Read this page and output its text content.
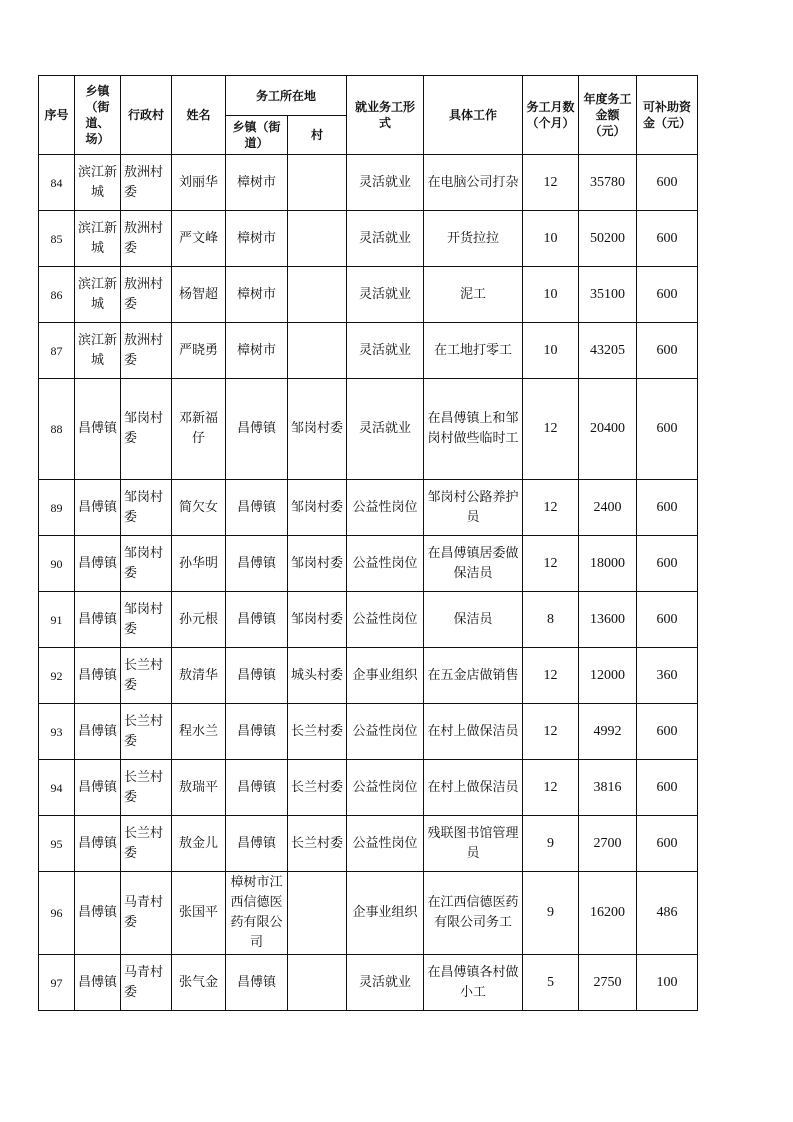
序号	乡镇（街道、场）	行政村	姓名	务工所在地		就业务工形式	具体工作	务工月数（个月）	年度务工金额（元）	可补助资金（元）
				乡镇（街道）	村					
84	滨江新城	敖洲村委	刘丽华	樟树市		灵活就业	在电脑公司打杂	12	35780	600
85	滨江新城	敖洲村委	严文峰	樟树市		灵活就业	开货拉拉	10	50200	600
86	滨江新城	敖洲村委	杨智超	樟树市		灵活就业	泥工	10	35100	600
87	滨江新城	敖洲村委	严晓勇	樟树市		灵活就业	在工地打零工	10	43205	600
88	昌傅镇	邹岗村委	邓新福仔	昌傅镇	邹岗村委	灵活就业	在昌傅镇上和邹岗村做些临时工	12	20400	600
89	昌傅镇	邹岗村委	简欠女	昌傅镇	邹岗村委	公益性岗位	邹岗村公路养护员	12	2400	600
90	昌傅镇	邹岗村委	孙华明	昌傅镇	邹岗村委	公益性岗位	在昌傅镇居委做保洁员	12	18000	600
91	昌傅镇	邹岗村委	孙元根	昌傅镇	邹岗村委	公益性岗位	保洁员	8	13600	600
92	昌傅镇	长兰村委	敖清华	昌傅镇	城头村委	企事业组织	在五金店做销售	12	12000	360
93	昌傅镇	长兰村委	程水兰	昌傅镇	长兰村委	公益性岗位	在村上做保洁员	12	4992	600
94	昌傅镇	长兰村委	敖瑞平	昌傅镇	长兰村委	公益性岗位	在村上做保洁员	12	3816	600
95	昌傅镇	长兰村委	敖金儿	昌傅镇	长兰村委	公益性岗位	残联图书馆管理员	9	2700	600
96	昌傅镇	马青村委	张国平	樟树市江西信德医药有限公司		企事业组织	在江西信德医药有限公司务工	9	16200	486
97	昌傅镇	马青村委	张气金	昌傅镇		灵活就业	在昌傅镇各村做小工	5	2750	100
